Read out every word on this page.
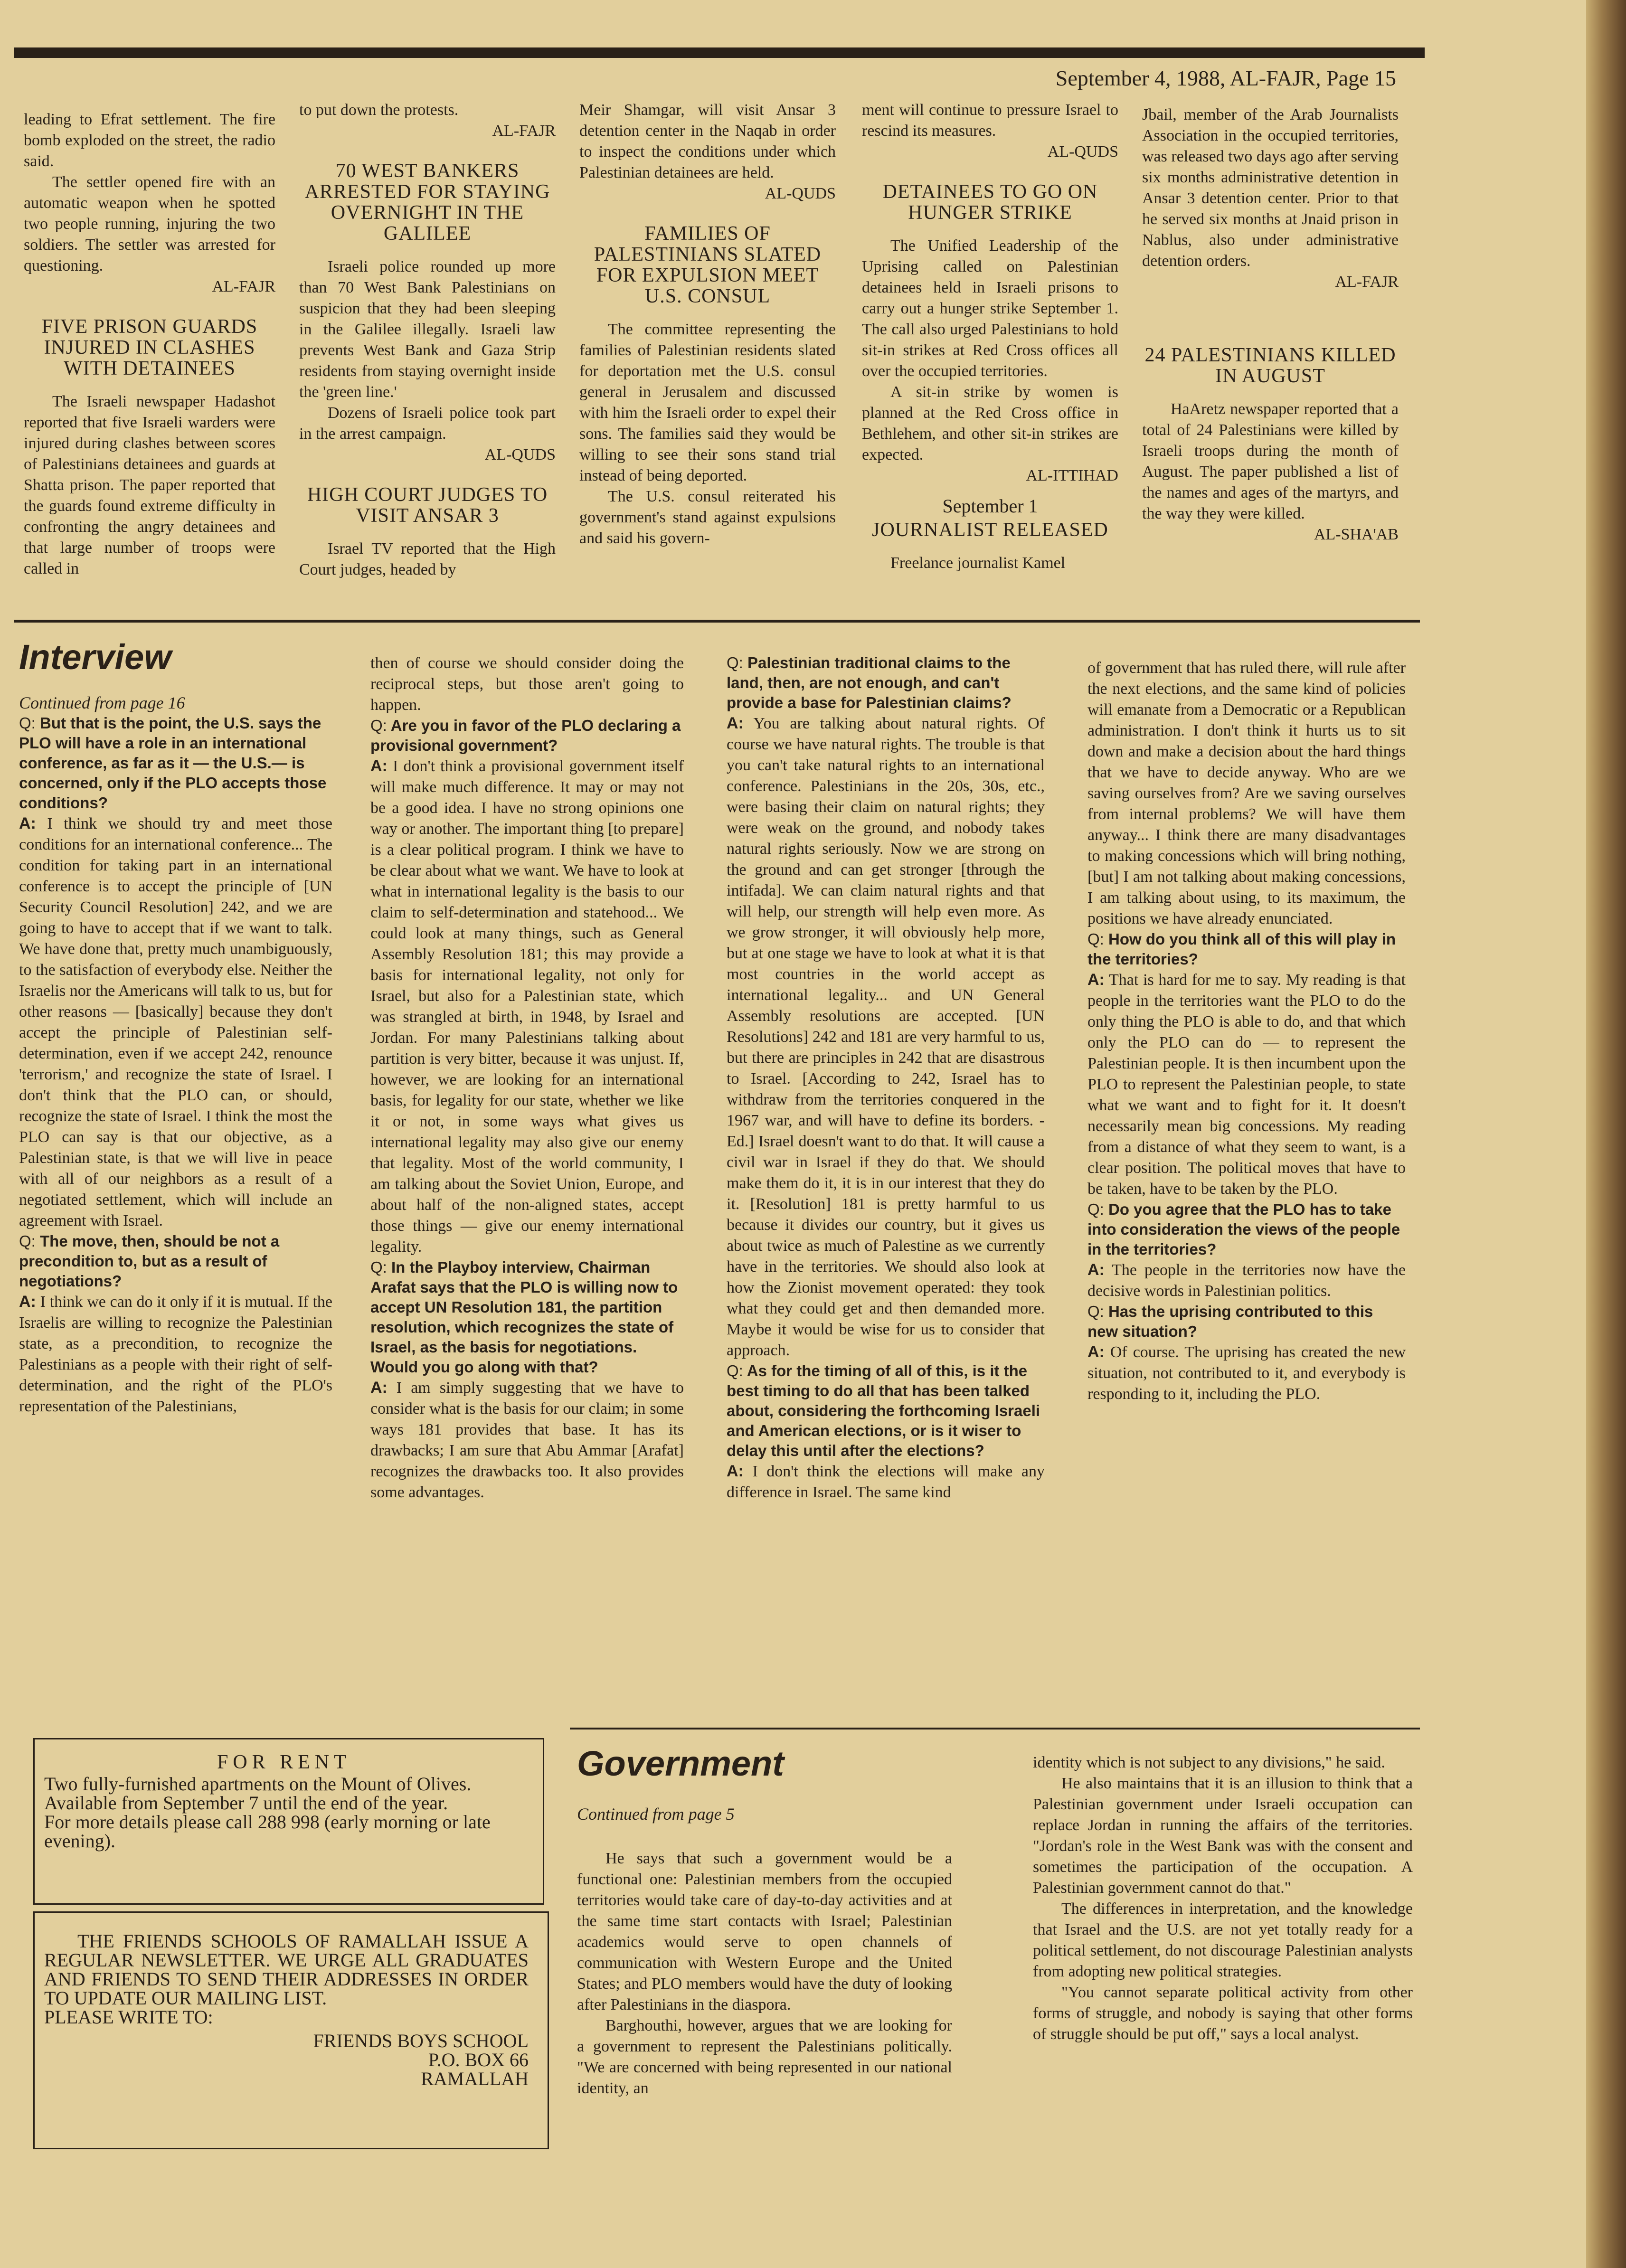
September 4, 1988, AL-FAJR, Page 15

leading to Efrat settlement. The fire bomb exploded on the street, the radio said.

The settler opened fire with an automatic weapon when he spotted two people running, injuring the two soldiers. The settler was arrested for questioning.

AL-FAJR

FIVE PRISON GUARDS INJURED IN CLASHES WITH DETAINEES

The Israeli newspaper Hadashot reported that five Israeli warders were injured during clashes between scores of Palestinians detainees and guards at Shatta prison. The paper reported that the guards found extreme difficulty in confronting the angry detainees and that large number of troops were called in

to put down the protests.

AL-FAJR

70 WEST BANKERS ARRESTED FOR STAYING OVERNIGHT IN THE GALILEE

Israeli police rounded up more than 70 West Bank Palestinians on suspicion that they had been sleeping in the Galilee illegally. Israeli law prevents West Bank and Gaza Strip residents from staying overnight inside the 'green line.'

Dozens of Israeli police took part in the arrest campaign.

AL-QUDS

HIGH COURT JUDGES TO VISIT ANSAR 3

Israel TV reported that the High Court judges, headed by

Meir Shamgar, will visit Ansar 3 detention center in the Naqab in order to inspect the conditions under which Palestinian detainees are held.

AL-QUDS

FAMILIES OF PALESTINIANS SLATED FOR EXPULSION MEET U.S. CONSUL

The committee representing the families of Palestinian residents slated for deportation met the U.S. consul general in Jerusalem and discussed with him the Israeli order to expel their sons. The families said they would be willing to see their sons stand trial instead of being deported.

The U.S. consul reiterated his government's stand against expulsions and said his govern-

ment will continue to pressure Israel to rescind its measures.

AL-QUDS

DETAINEES TO GO ON HUNGER STRIKE

The Unified Leadership of the Uprising called on Palestinian detainees held in Israeli prisons to carry out a hunger strike September 1. The call also urged Palestinians to hold sit-in strikes at Red Cross offices all over the occupied territories.

A sit-in strike by women is planned at the Red Cross office in Bethlehem, and other sit-in strikes are expected.

AL-ITTIHAD

September 1

JOURNALIST RELEASED

Freelance journalist Kamel

Jbail, member of the Arab Journalists Association in the occupied territories, was released two days ago after serving six months administrative detention in Ansar 3 detention center. Prior to that he served six months at Jnaid prison in Nablus, also under administrative detention orders.

AL-FAJR

24 PALESTINIANS KILLED IN AUGUST

HaAretz newspaper reported that a total of 24 Palestinians were killed by Israeli troops during the month of August. The paper published a list of the names and ages of the martyrs, and the way they were killed.

AL-SHA'AB

Interview

Continued from page 16

Q: But that is the point, the U.S. says the PLO will have a role in an international conference, as far as it — the U.S.— is concerned, only if the PLO accepts those conditions?

A: I think we should try and meet those conditions for an international conference... The condition for taking part in an international conference is to accept the principle of [UN Security Council Resolution] 242, and we are going to have to accept that if we want to talk. We have done that, pretty much unambiguously, to the satisfaction of everybody else. Neither the Israelis nor the Americans will talk to us, but for other reasons — [basically] because they don't accept the principle of Palestinian self-determination, even if we accept 242, renounce 'terrorism,' and recognize the state of Israel. I don't think that the PLO can, or should, recognize the state of Israel. I think the most the PLO can say is that our objective, as a Palestinian state, is that we will live in peace with all of our neighbors as a result of a negotiated settlement, which will include an agreement with Israel.

Q: The move, then, should be not a precondition to, but as a result of negotiations?

A: I think we can do it only if it is mutual. If the Israelis are willing to recognize the Palestinian state, as a precondition, to recognize the Palestinians as a people with their right of self-determination, and the right of the PLO's representation of the Palestinians,

then of course we should consider doing the reciprocal steps, but those aren't going to happen.

Q: Are you in favor of the PLO declaring a provisional government?

A: I don't think a provisional government itself will make much difference. It may or may not be a good idea. I have no strong opinions one way or another. The important thing [to prepare] is a clear political program. I think we have to be clear about what we want. We have to look at what in international legality is the basis to our claim to self-determination and statehood... We could look at many things, such as General Assembly Resolution 181; this may provide a basis for international legality, not only for Israel, but also for a Palestinian state, which was strangled at birth, in 1948, by Israel and Jordan. For many Palestinians talking about partition is very bitter, because it was unjust. If, however, we are looking for an international basis, for legality for our state, whether we like it or not, in some ways what gives us international legality may also give our enemy that legality. Most of the world community, I am talking about the Soviet Union, Europe, and about half of the non-aligned states, accept those things — give our enemy international legality.

Q: In the Playboy interview, Chairman Arafat says that the PLO is willing now to accept UN Resolution 181, the partition resolution, which recognizes the state of Israel, as the basis for negotiations. Would you go along with that?

A: I am simply suggesting that we have to consider what is the basis for our claim; in some ways 181 provides that base. It has its drawbacks; I am sure that Abu Ammar [Arafat] recognizes the drawbacks too. It also provides some advantages.

Q: Palestinian traditional claims to the land, then, are not enough, and can't provide a base for Palestinian claims?

A: You are talking about natural rights. Of course we have natural rights. The trouble is that you can't take natural rights to an international conference. Palestinians in the 20s, 30s, etc., were basing their claim on natural rights; they were weak on the ground, and nobody takes natural rights seriously. Now we are strong on the ground and can get stronger [through the intifada]. We can claim natural rights and that will help, our strength will help even more. As we grow stronger, it will obviously help more, but at one stage we have to look at what it is that most countries in the world accept as international legality... and UN General Assembly resolutions are accepted. [UN Resolutions] 242 and 181 are very harmful to us, but there are principles in 242 that are disastrous to Israel. [According to 242, Israel has to withdraw from the territories conquered in the 1967 war, and will have to define its borders. -Ed.] Israel doesn't want to do that. It will cause a civil war in Israel if they do that. We should make them do it, it is in our interest that they do it. [Resolution] 181 is pretty harmful to us because it divides our country, but it gives us about twice as much of Palestine as we currently have in the territories. We should also look at how the Zionist movement operated: they took what they could get and then demanded more. Maybe it would be wise for us to consider that approach.

Q: As for the timing of all of this, is it the best timing to do all that has been talked about, considering the forthcoming Israeli and American elections, or is it wiser to delay this until after the elections?

A: I don't think the elections will make any difference in Israel. The same kind

of government that has ruled there, will rule after the next elections, and the same kind of policies will emanate from a Democratic or a Republican administration. I don't think it hurts us to sit down and make a decision about the hard things that we have to decide anyway. Who are we saving ourselves from? Are we saving ourselves from internal problems? We will have them anyway... I think there are many disadvantages to making concessions which will bring nothing, [but] I am not talking about making concessions, I am talking about using, to its maximum, the positions we have already enunciated.

Q: How do you think all of this will play in the territories?

A: That is hard for me to say. My reading is that people in the territories want the PLO to do the only thing the PLO is able to do, and that which only the PLO can do — to represent the Palestinian people. It is then incumbent upon the PLO to represent the Palestinian people, to state what we want and to fight for it. It doesn't necessarily mean big concessions. My reading from a distance of what they seem to want, is a clear position. The political moves that have to be taken, have to be taken by the PLO.

Q: Do you agree that the PLO has to take into consideration the views of the people in the territories?

A: The people in the territories now have the decisive words in Palestinian politics.

Q: Has the uprising contributed to this new situation?

A: Of course. The uprising has created the new situation, not contributed to it, and everybody is responding to it, including the PLO.

FOR RENT
Two fully-furnished apartments on the Mount of Olives.
Available from September 7 until the end of the year.
For more details please call 288 998 (early morning or late evening).
THE FRIENDS SCHOOLS OF RAMALLAH ISSUE A REGULAR NEWSLETTER. WE URGE ALL GRADUATES AND FRIENDS TO SEND THEIR ADDRESSES IN ORDER TO UPDATE OUR MAILING LIST.
PLEASE WRITE TO:
FRIENDS BOYS SCHOOL
P.O. BOX 66
RAMALLAH
Government

Continued from page 5

He says that such a government would be a functional one: Palestinian members from the occupied territories would take care of day-to-day activities and at the same time start contacts with Israel; Palestinian academics would serve to open channels of communication with Western Europe and the United States; and PLO members would have the duty of looking after Palestinians in the diaspora.

Barghouthi, however, argues that we are looking for a government to represent the Palestinians politically. "We are concerned with being represented in our national identity, an

identity which is not subject to any divisions," he said.

He also maintains that it is an illusion to think that a Palestinian government under Israeli occupation can replace Jordan in running the affairs of the territories. "Jordan's role in the West Bank was with the consent and sometimes the participation of the occupation. A Palestinian government cannot do that."

The differences in interpretation, and the knowledge that Israel and the U.S. are not yet totally ready for a political settlement, do not discourage Palestinian analysts from adopting new political strategies.

"You cannot separate political activity from other forms of struggle, and nobody is saying that other forms of struggle should be put off," says a local analyst.
